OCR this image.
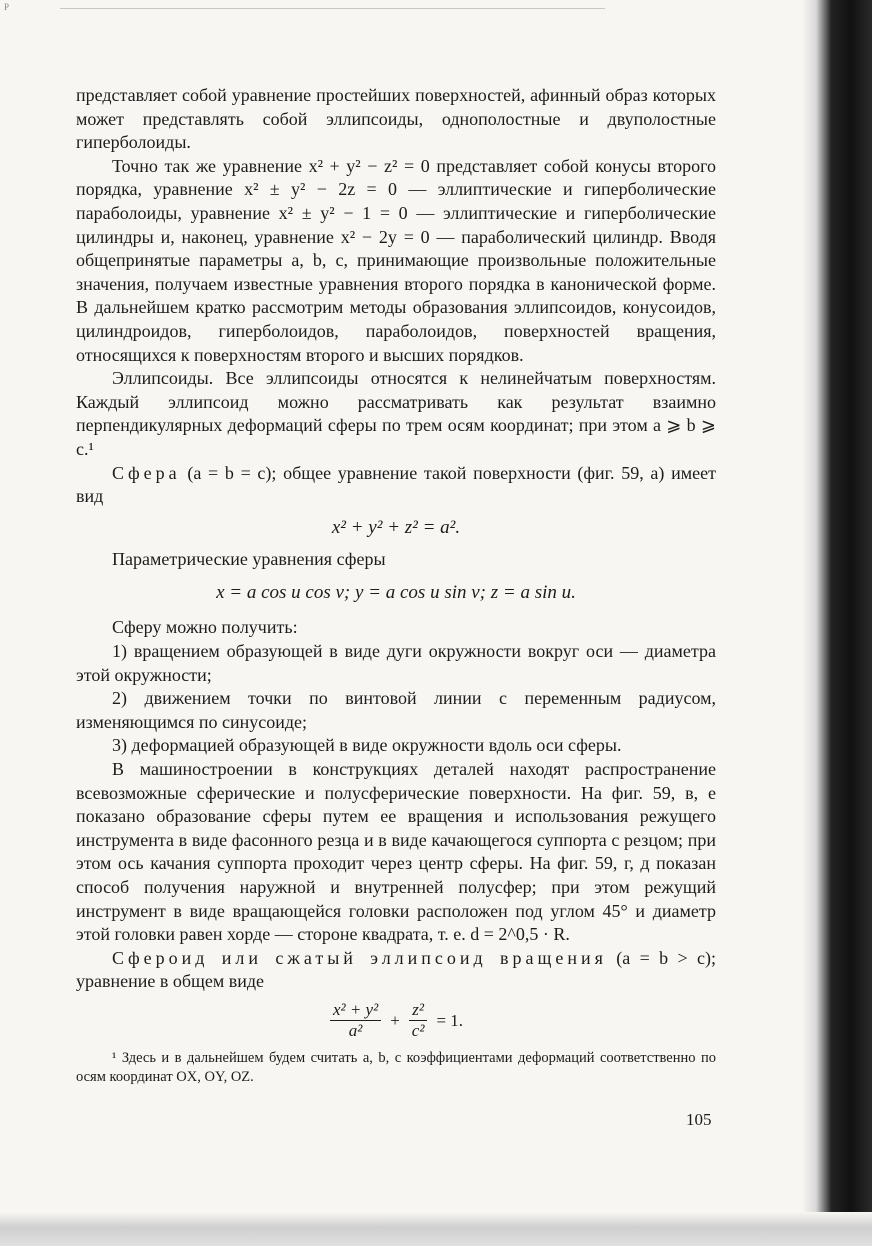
P

представляет собой уравнение простейших поверхностей, афинный образ которых может представлять собой эллипсоиды, однополостные и двуполостные гиперболоиды.

Точно так же уравнение x² + y² − z² = 0 представляет собой конусы второго порядка, уравнение x² ± y² − 2z = 0 — эллиптические и гиперболические параболоиды, уравнение x² ± y² − 1 = 0 — эллиптические и гиперболические цилиндры и, наконец, уравнение x² − 2y = 0 — параболический цилиндр. Вводя общепринятые параметры a, b, c, принимающие произвольные положительные значения, получаем известные уравнения второго порядка в канонической форме. В дальнейшем кратко рассмотрим методы образования эллипсоидов, конусоидов, цилиндроидов, гиперболоидов, параболоидов, поверхностей вращения, относящихся к поверхностям второго и высших порядков.

Эллипсоиды. Все эллипсоиды относятся к нелинейчатым поверхностям. Каждый эллипсоид можно рассматривать как результат взаимно перпендикулярных деформаций сферы по трем осям координат; при этом a ⩾ b ⩾ c.¹

Сфера (a = b = c); общее уравнение такой поверхности (фиг. 59, a) имеет вид

x² + y² + z² = a².

Параметрические уравнения сферы

x = a cos u cos v; y = a cos u sin v; z = a sin u.

Сферу можно получить:

1) вращением образующей в виде дуги окружности вокруг оси — диаметра этой окружности;

2) движением точки по винтовой линии с переменным радиусом, изменяющимся по синусоиде;

3) деформацией образующей в виде окружности вдоль оси сферы.

В машиностроении в конструкциях деталей находят распространение всевозможные сферические и полусферические поверхности. На фиг. 59, в, е показано образование сферы путем ее вращения и использования режущего инструмента в виде фасонного резца и в виде качающегося суппорта с резцом; при этом ось качания суппорта проходит через центр сферы. На фиг. 59, г, д показан способ получения наружной и внутренней полусфер; при этом режущий инструмент в виде вращающейся головки расположен под углом 45° и диаметр этой головки равен хорде — стороне квадрата, т. е. d = 2^0,5 · R.

Сфероид или сжатый эллипсоид вращения (a = b > c); уравнение в общем виде

$\frac{\text{x² + y²}}{\text{a²}} + \frac{\text{z²}}{\text{c²}} = 1$.

¹ Здесь и в дальнейшем будем считать a, b, c коэффициентами деформаций соответственно по осям координат OX, OY, OZ.

105
